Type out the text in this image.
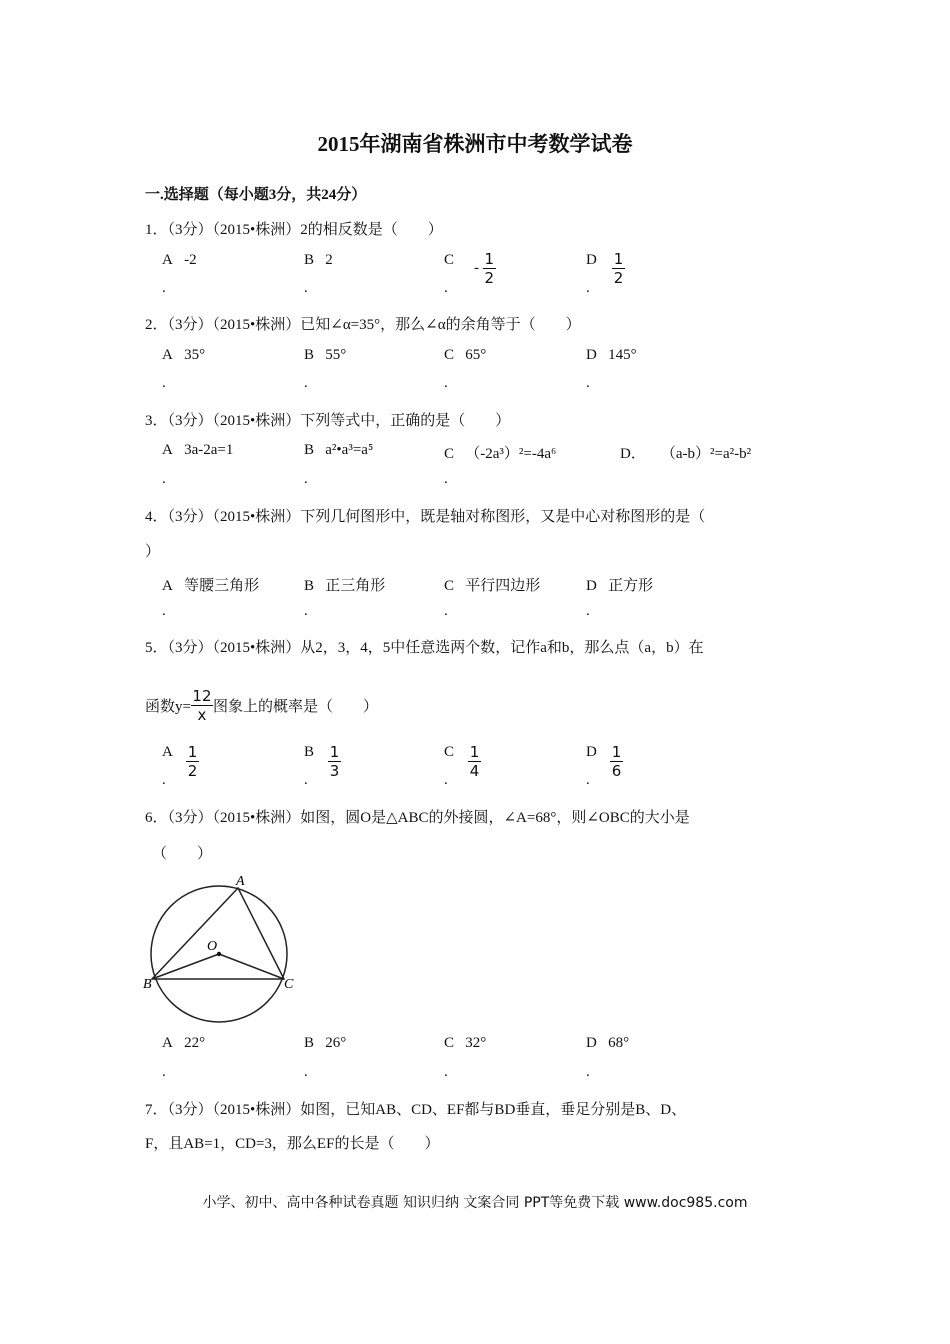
2015年湖南省株洲市中考数学试卷
一.选择题（每小题3分，共24分）
1．（3分）（2015•株洲）2的相反数是（　　）
A ‐2	B 2	C ‐ $\frac{1}{2}$	D $\frac{1}{2}$
.	.	.	.
2．（3分）（2015•株洲）已知∠α=35°，那么∠α的余角等于（　　）
A 35°	B 55°	C 65°	D 145°
.	.	.	.
3．（3分）（2015•株洲）下列等式中，正确的是（　　）
A 3a‐2a=1	B a²•a³=a⁵	C （‐2a³）²=‐4a⁶	D． （a‐b）²=a²‐b²
.	.	.
4．（3分）（2015•株洲）下列几何图形中，既是轴对称图形，又是中心对称图形的是（
）
A 等腰三角形	B 正三角形	C 平行四边形	D 正方形
.	.	.	.
5．（3分）（2015•株洲）从2，3，4，5中任意选两个数，记作a和b，那么点（a，b）在
函数$y= \frac{12}{x}$ 图象上的概率是（　　）
A $\frac{1}{2}$	B $\frac{1}{3}$	C $\frac{1}{4}$	D $\frac{1}{6}$
.	.	.	.
6．（3分）（2015•株洲）如图，圆O是△ABC的外接圆，∠A=68°，则∠OBC的大小是
（　　）
A
B	C
O
A 22°	B 26°	C 32°	D 68°
.	.	.	.
7．（3分）（2015•株洲）如图，已知AB、CD、EF都与BD垂直，垂足分别是B、D、
F，且AB=1，CD=3，那么EF的长是（　　）
小学、初中、高中各种试卷真题 知识归纳 文案合同 PPT等免费下载 www.doc985.com
